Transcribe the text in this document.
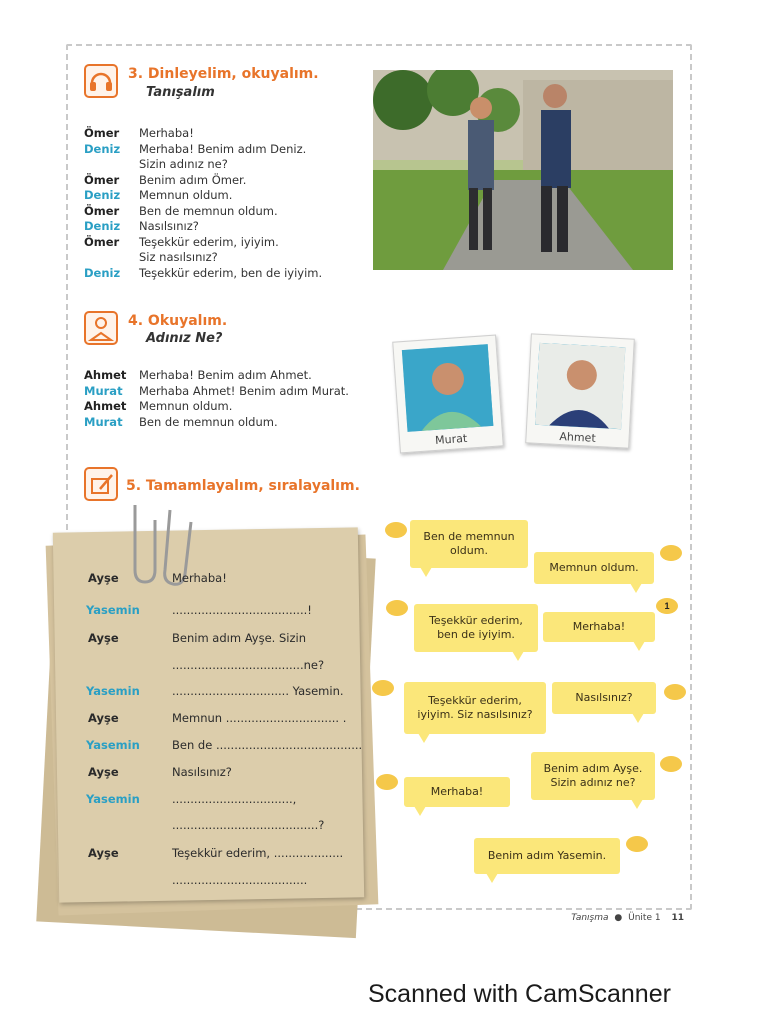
3. Dinleyelim, okuyalım.
Tanışalım
Ömer	Merhaba!
Deniz	Merhaba! Benim adım Deniz.
Sizin adınız ne?
Ömer	Benim adım Ömer.
Deniz	Memnun oldum.
Ömer	Ben de memnun oldum.
Deniz	Nasılsınız?
Ömer	Teşekkür ederim, iyiyim.
Siz nasılsınız?
Deniz	Teşekkür ederim, ben de iyiyim.
4. Okuyalım.
Adınız Ne?
Ahmet	Merhaba! Benim adım Ahmet.
Murat	Merhaba Ahmet! Benim adım Murat.
Ahmet	Memnun oldum.
Murat	Ben de memnun oldum.
Murat	Ahmet
5. Tamamlayalım, sıralayalım.
Ayşe	Merhaba!
Yasemin	.....................................!
Ayşe	Benim adım Ayşe. Sizin
....................................ne?
Yasemin	................................ Yasemin.
Ayşe	Memnun ............................... .
Yasemin	Ben de ........................................
Ayşe	Nasılsınız?
Yasemin	.................................,
........................................?
Ayşe	Teşekkür ederim, ...................
.....................................
Ben de memnun oldum.
Memnun oldum.
Teşekkür ederim, ben de iyiyim.
Merhaba!
1
Teşekkür ederim, iyiyim. Siz nasılsınız?
Nasılsınız?
Benim adım Ayşe. Sizin adınız ne?
Merhaba!
Benim adım Yasemin.
Tanışma ● Ünite 1 11
Scanned with CamScanner
